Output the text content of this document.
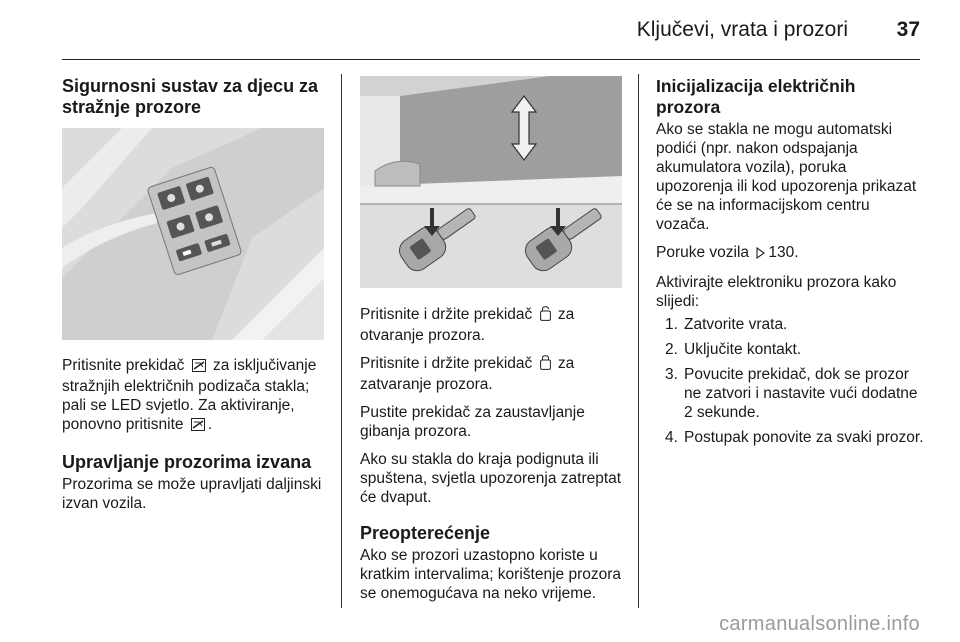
Ključevi, vrata i prozori 37
Sigurnosni sustav za djecu za stražnje prozore

Pritisnite prekidač za isključivanje stražnjih električnih podizača stakla; pali se LED svjetlo. Za aktiviranje, ponovno pritisnite .

Upravljanje prozorima izvana

Prozorima se može upravljati daljinski izvan vozila.

Pritisnite i držite prekidač za otvaranje prozora.

Pritisnite i držite prekidač za zatvaranje prozora.

Pustite prekidač za zaustavljanje gibanja prozora.

Ako su stakla do kraja podignuta ili spuštena, svjetla upozorenja zatreptat će dvaput.

Preopterećenje

Ako se prozori uzastopno koriste u kratkim intervalima; korištenje prozora se onemogućava na neko vrijeme.

Inicijalizacija električnih prozora

Ako se stakla ne mogu automatski podići (npr. nakon odspajanja akumulatora vozila), poruka upozorenja ili kod upozorenja prikazat će se na informacijskom centru vozača.

Poruke vozila 130.

Aktivirajte elektroniku prozora kako slijedi:

1. Zatvorite vrata.
2. Uključite kontakt.
3. Povucite prekidač, dok se prozor ne zatvori i nastavite vući dodatne 2 sekunde.
4. Postupak ponovite za svaki prozor.
carmanualsonline.info
